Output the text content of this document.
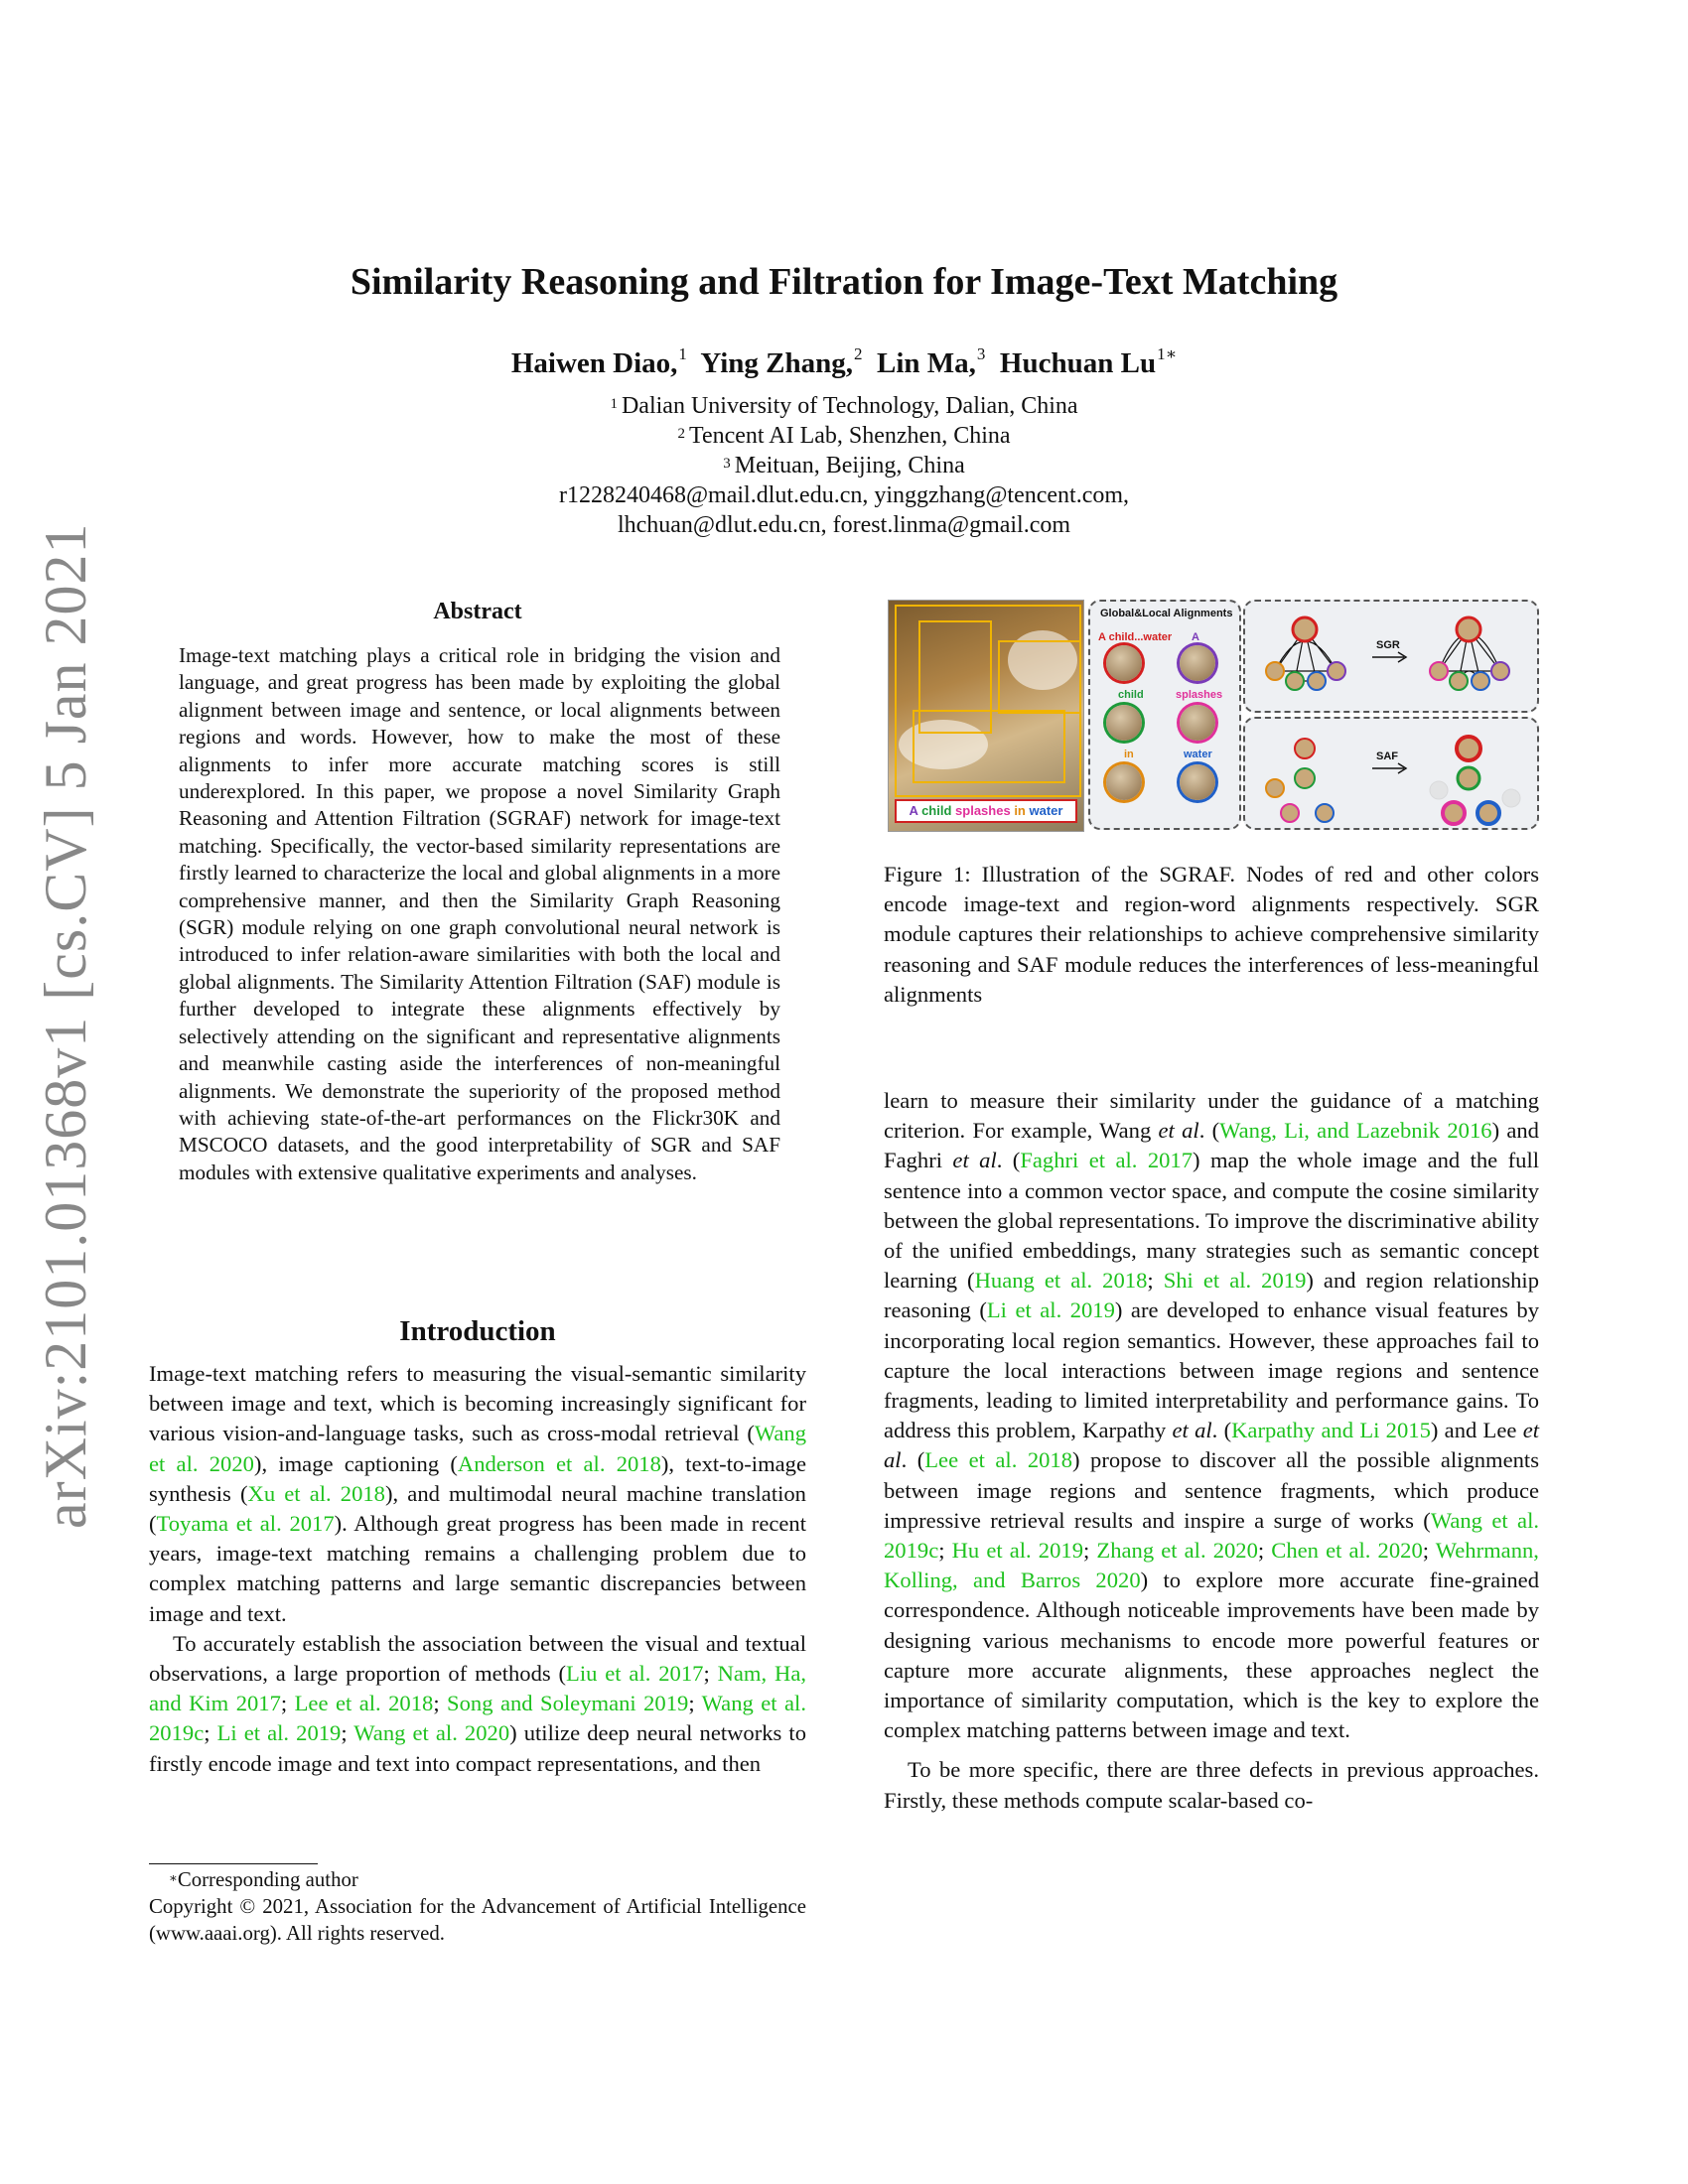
arXiv:2101.01368v1 [cs.CV] 5 Jan 2021
Similarity Reasoning and Filtration for Image-Text Matching
Haiwen Diao,$^1$ Ying Zhang,$^2$ Lin Ma,$^3$ Huchuan $Lu^{1∗}$
$^1$ Dalian University of Technology, Dalian, China
$^2$ Tencent AI Lab, Shenzhen, China
$^3$ Meituan, Beijing, China
r1228240468@mail.dlut.edu.cn, yinggzhang@tencent.com,
lhchuan@dlut.edu.cn, forest.linma@gmail.com
Abstract
Image-text matching plays a critical role in bridging the vision and language, and great progress has been made by exploiting the global alignment between image and sentence, or local alignments between regions and words. However, how to make the most of these alignments to infer more accurate matching scores is still underexplored. In this paper, we propose a novel Similarity Graph Reasoning and Attention Filtration (SGRAF) network for image-text matching. Specifically, the vector-based similarity representations are firstly learned to characterize the local and global alignments in a more comprehensive manner, and then the Similarity Graph Reasoning (SGR) module relying on one graph convolutional neural network is introduced to infer relation-aware similarities with both the local and global alignments. The Similarity Attention Filtration (SAF) module is further developed to integrate these alignments effectively by selectively attending on the significant and representative alignments and meanwhile casting aside the interferences of non-meaningful alignments. We demonstrate the superiority of the proposed method with achieving state-of-the-art performances on the Flickr30K and MSCOCO datasets, and the good interpretability of SGR and SAF modules with extensive qualitative experiments and analyses.
Introduction

Image-text matching refers to measuring the visual-semantic similarity between image and text, which is becoming increasingly significant for various vision-and-language tasks, such as cross-modal retrieval (Wang et al. 2020), image captioning (Anderson et al. 2018), text-to-image synthesis (Xu et al. 2018), and multimodal neural machine translation (Toyama et al. 2017). Although great progress has been made in recent years, image-text matching remains a challenging problem due to complex matching patterns and large semantic discrepancies between image and text.

To accurately establish the association between the visual and textual observations, a large proportion of methods (Liu et al. 2017; Nam, Ha, and Kim 2017; Lee et al. 2018; Song and Soleymani 2019; Wang et al. 2019c; Li et al. 2019; Wang et al. 2020) utilize deep neural networks to firstly encode image and text into compact representations, and then

∗Corresponding author
Copyright © 2021, Association for the Advancement of Artificial Intelligence (www.aaai.org). All rights reserved.
A child splashes in water
Global&Local Alignments
A child...water A
child	splashes
in	water
SGR
SAF
Figure 1: Illustration of the SGRAF. Nodes of red and other colors encode image-text and region-word alignments respectively. SGR module captures their relationships to achieve comprehensive similarity reasoning and SAF module reduces the interferences of less-meaningful alignments

learn to measure their similarity under the guidance of a matching criterion. For example, Wang et al. (Wang, Li, and Lazebnik 2016) and Faghri et al. (Faghri et al. 2017) map the whole image and the full sentence into a common vector space, and compute the cosine similarity between the global representations. To improve the discriminative ability of the unified embeddings, many strategies such as semantic concept learning (Huang et al. 2018; Shi et al. 2019) and region relationship reasoning (Li et al. 2019) are developed to enhance visual features by incorporating local region semantics. However, these approaches fail to capture the local interactions between image regions and sentence fragments, leading to limited interpretability and performance gains. To address this problem, Karpathy et al. (Karpathy and Li 2015) and Lee et al. (Lee et al. 2018) propose to discover all the possible alignments between image regions and sentence fragments, which produce impressive retrieval results and inspire a surge of works (Wang et al. 2019c; Hu et al. 2019; Zhang et al. 2020; Chen et al. 2020; Wehrmann, Kolling, and Barros 2020) to explore more accurate fine-grained correspondence. Although noticeable improvements have been made by designing various mechanisms to encode more powerful features or capture more accurate alignments, these approaches neglect the importance of similarity computation, which is the key to explore the complex matching patterns between image and text.

To be more specific, there are three defects in previous approaches. Firstly, these methods compute scalar-based co-
